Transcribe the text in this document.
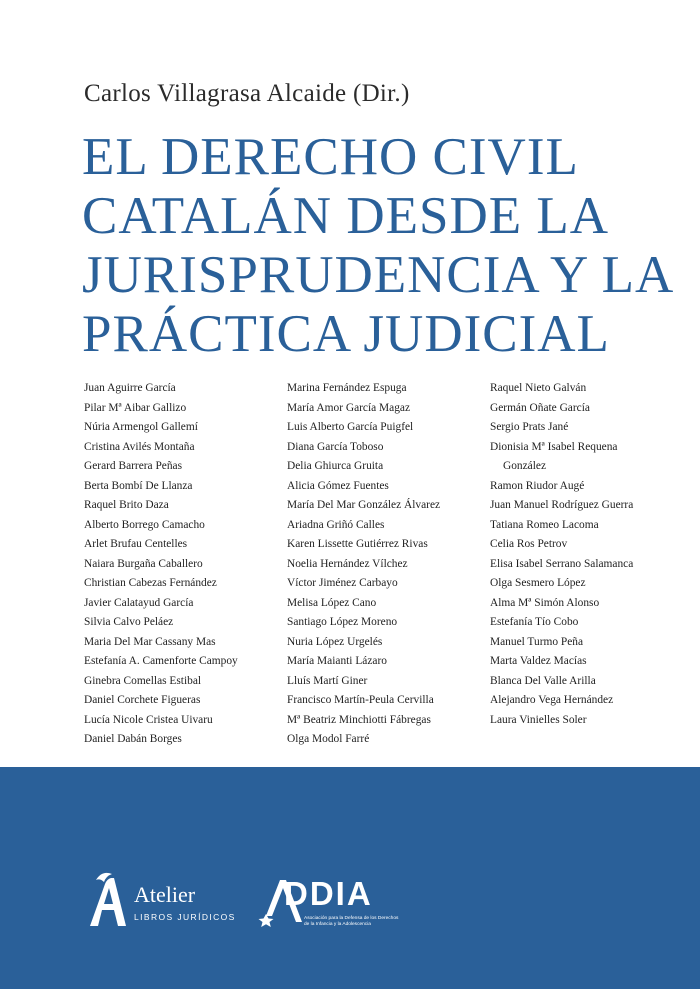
Carlos Villagrasa Alcaide (Dir.)
EL DERECHO CIVIL
CATALÁN DESDE LA
JURISPRUDENCIA Y LA
PRÁCTICA JUDICIAL
Juan Aguirre García
Pilar Mª Aibar Gallizo
Núria Armengol Gallemí
Cristina Avilés Montaña
Gerard Barrera Peñas
Berta Bombí De Llanza
Raquel Brito Daza
Alberto Borrego Camacho
Arlet Brufau Centelles
Naiara Burgaña Caballero
Christian Cabezas Fernández
Javier Calatayud García
Silvia Calvo Peláez
Maria Del Mar Cassany Mas
Estefanía A. Camenforte Campoy
Ginebra Comellas Estibal
Daniel Corchete Figueras
Lucía Nicole Cristea Uivaru
Daniel Dabán Borges
Marina Fernández Espuga
María Amor García Magaz
Luis Alberto García Puigfel
Diana García Toboso
Delia Ghiurca Gruita
Alicia Gómez Fuentes
María Del Mar González Álvarez
Ariadna Griñó Calles
Karen Lissette Gutiérrez Rivas
Noelia Hernández Vílchez
Víctor Jiménez Carbayo
Melisa López Cano
Santiago López Moreno
Nuria López Urgelés
María Maianti Lázaro
Lluís Martí Giner
Francisco Martín-Peula Cervilla
Mª Beatriz Minchiotti Fábregas
Olga Modol Farré
Raquel Nieto Galván
Germán Oñate García
Sergio Prats Jané
Dionisia Mª Isabel Requena
González
Ramon Riudor Augé
Juan Manuel Rodríguez Guerra
Tatiana Romeo Lacoma
Celia Ros Petrov
Elisa Isabel Serrano Salamanca
Olga Sesmero López
Alma Mª Simón Alonso
Estefanía Tío Cobo
Manuel Turmo Peña
Marta Valdez Macías
Blanca Del Valle Arilla
Alejandro Vega Hernández
Laura Vinielles Soler
Atelier
LIBROS JURÍDICOS
DDIA
Asociación para la Defensa de los Derechos
de la Infancia y la Adolescencia
